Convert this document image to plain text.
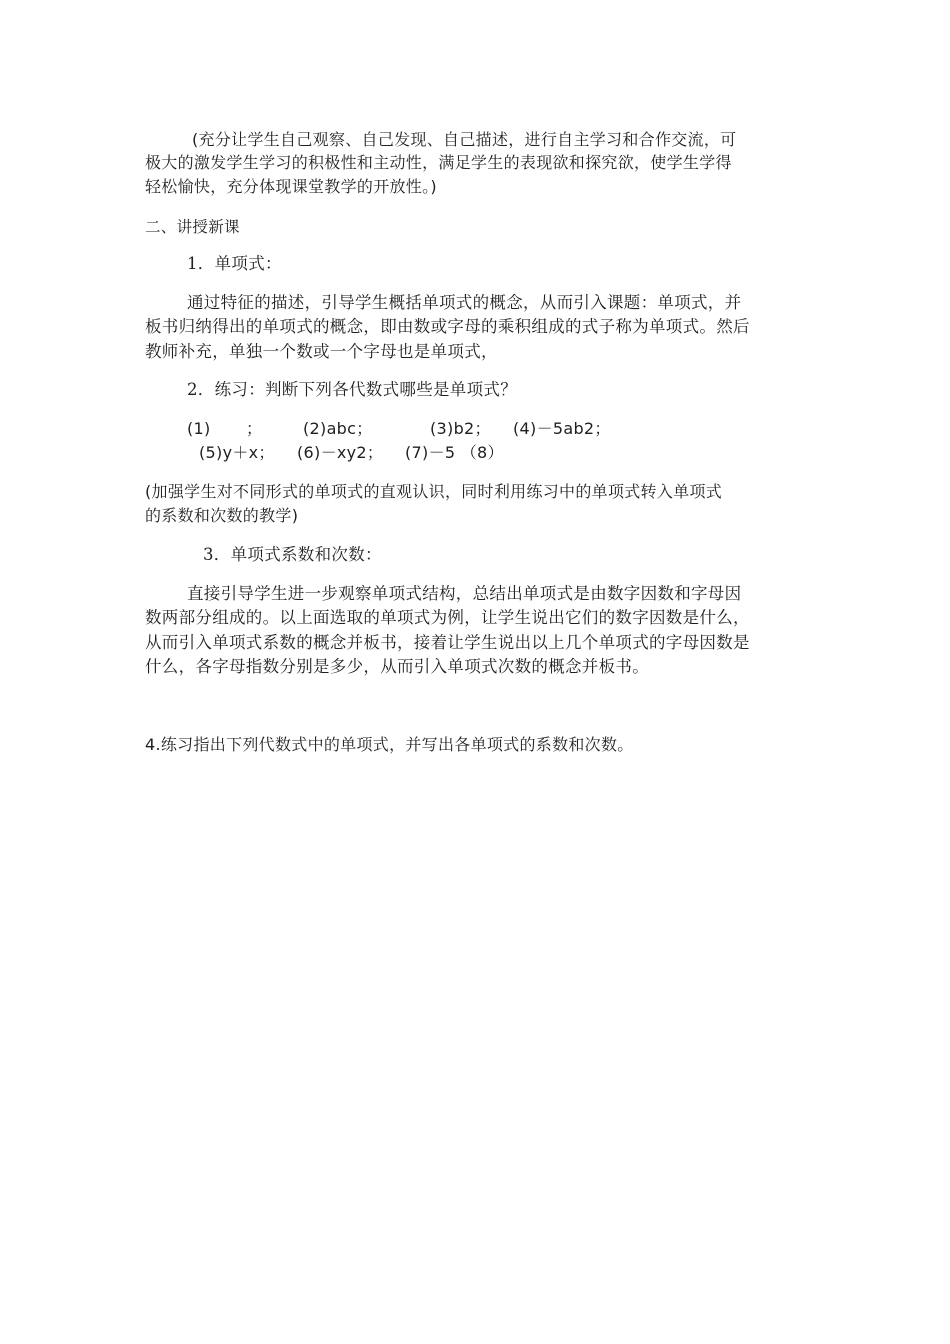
(充分让学生自己观察、自己发现、自己描述，进行自主学习和合作交流，可
极大的激发学生学习的积极性和主动性，满足学生的表现欲和探究欲，使学生学得
轻松愉快，充分体现课堂教学的开放性。)
二、讲授新课
1．单项式：
通过特征的描述，引导学生概括单项式的概念，从而引入课题：单项式，并
板书归纳得出的单项式的概念，即由数或字母的乘积组成的式子称为单项式。然后
教师补充，单独一个数或一个字母也是单项式，
2．练习：判断下列各代数式哪些是单项式？
(1) ；	(2)abc；	(3)b2； (4)－5ab2；
(5)y＋x； (6)－xy2； (7)－5 （8）
(加强学生对不同形式的单项式的直观认识，同时利用练习中的单项式转入单项式
的系数和次数的教学)
3．单项式系数和次数：
直接引导学生进一步观察单项式结构，总结出单项式是由数字因数和字母因
数两部分组成的。以上面选取的单项式为例，让学生说出它们的数字因数是什么，
从而引入单项式系数的概念并板书，接着让学生说出以上几个单项式的字母因数是
什么，各字母指数分别是多少，从而引入单项式次数的概念并板书。
4.练习指出下列代数式中的单项式，并写出各单项式的系数和次数。
